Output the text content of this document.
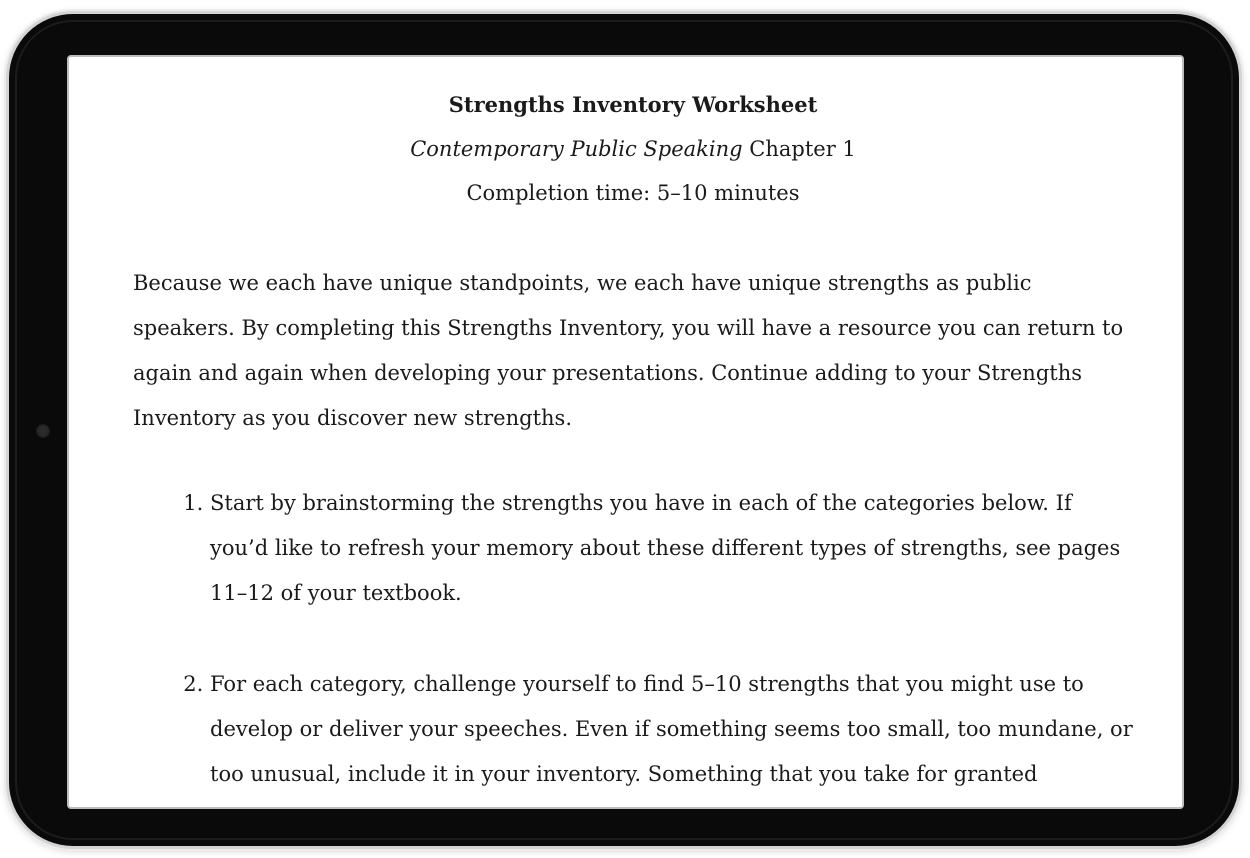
Strengths Inventory Worksheet

Contemporary Public Speaking Chapter 1

Completion time: 5–10 minutes

Because we each have unique standpoints, we each have unique strengths as public speakers. By completing this Strengths Inventory, you will have a resource you can return to again and again when developing your presentations. Continue adding to your Strengths Inventory as you discover new strengths.

1. Start by brainstorming the strengths you have in each of the categories below. If you’d like to refresh your memory about these different types of strengths, see pages 11–12 of your textbook.
2. For each category, challenge yourself to find 5–10 strengths that you might use to develop or deliver your speeches. Even if something seems too small, too mundane, or too unusual, include it in your inventory. Something that you take for granted
